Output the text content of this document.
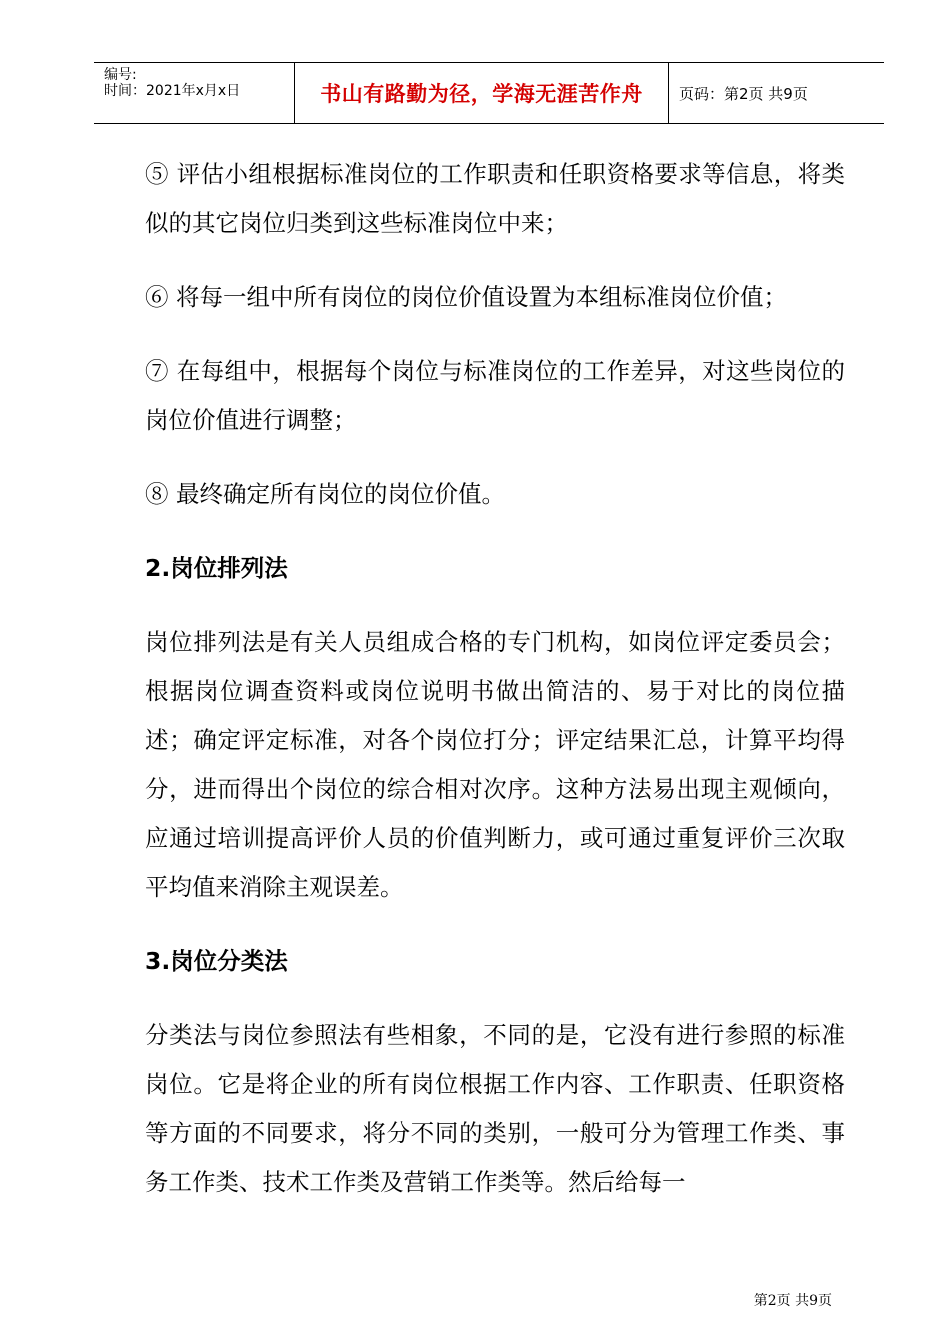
编号:
时间：2021年x月x日	书山有路勤为径，学海无涯苦作舟 页码：第2页 共9页

⑤ 评估小组根据标准岗位的工作职责和任职资格要求等信息，将类似的其它岗位归类到这些标准岗位中来；

⑥ 将每一组中所有岗位的岗位价值设置为本组标准岗位价值；

⑦ 在每组中，根据每个岗位与标准岗位的工作差异，对这些岗位的岗位价值进行调整；

⑧ 最终确定所有岗位的岗位价值。

2.岗位排列法

岗位排列法是有关人员组成合格的专门机构，如岗位评定委员会；根据岗位调查资料或岗位说明书做出简洁的、易于对比的岗位描述；确定评定标准，对各个岗位打分；评定结果汇总，计算平均得分，进而得出个岗位的综合相对次序。这种方法易出现主观倾向，应通过培训提高评价人员的价值判断力，或可通过重复评价三次取平均值来消除主观误差。

3.岗位分类法

分类法与岗位参照法有些相象，不同的是，它没有进行参照的标准岗位。它是将企业的所有岗位根据工作内容、工作职责、任职资格等方面的不同要求，将分不同的类别，一般可分为管理工作类、事务工作类、技术工作类及营销工作类等。然后给每一

第2页 共9页
